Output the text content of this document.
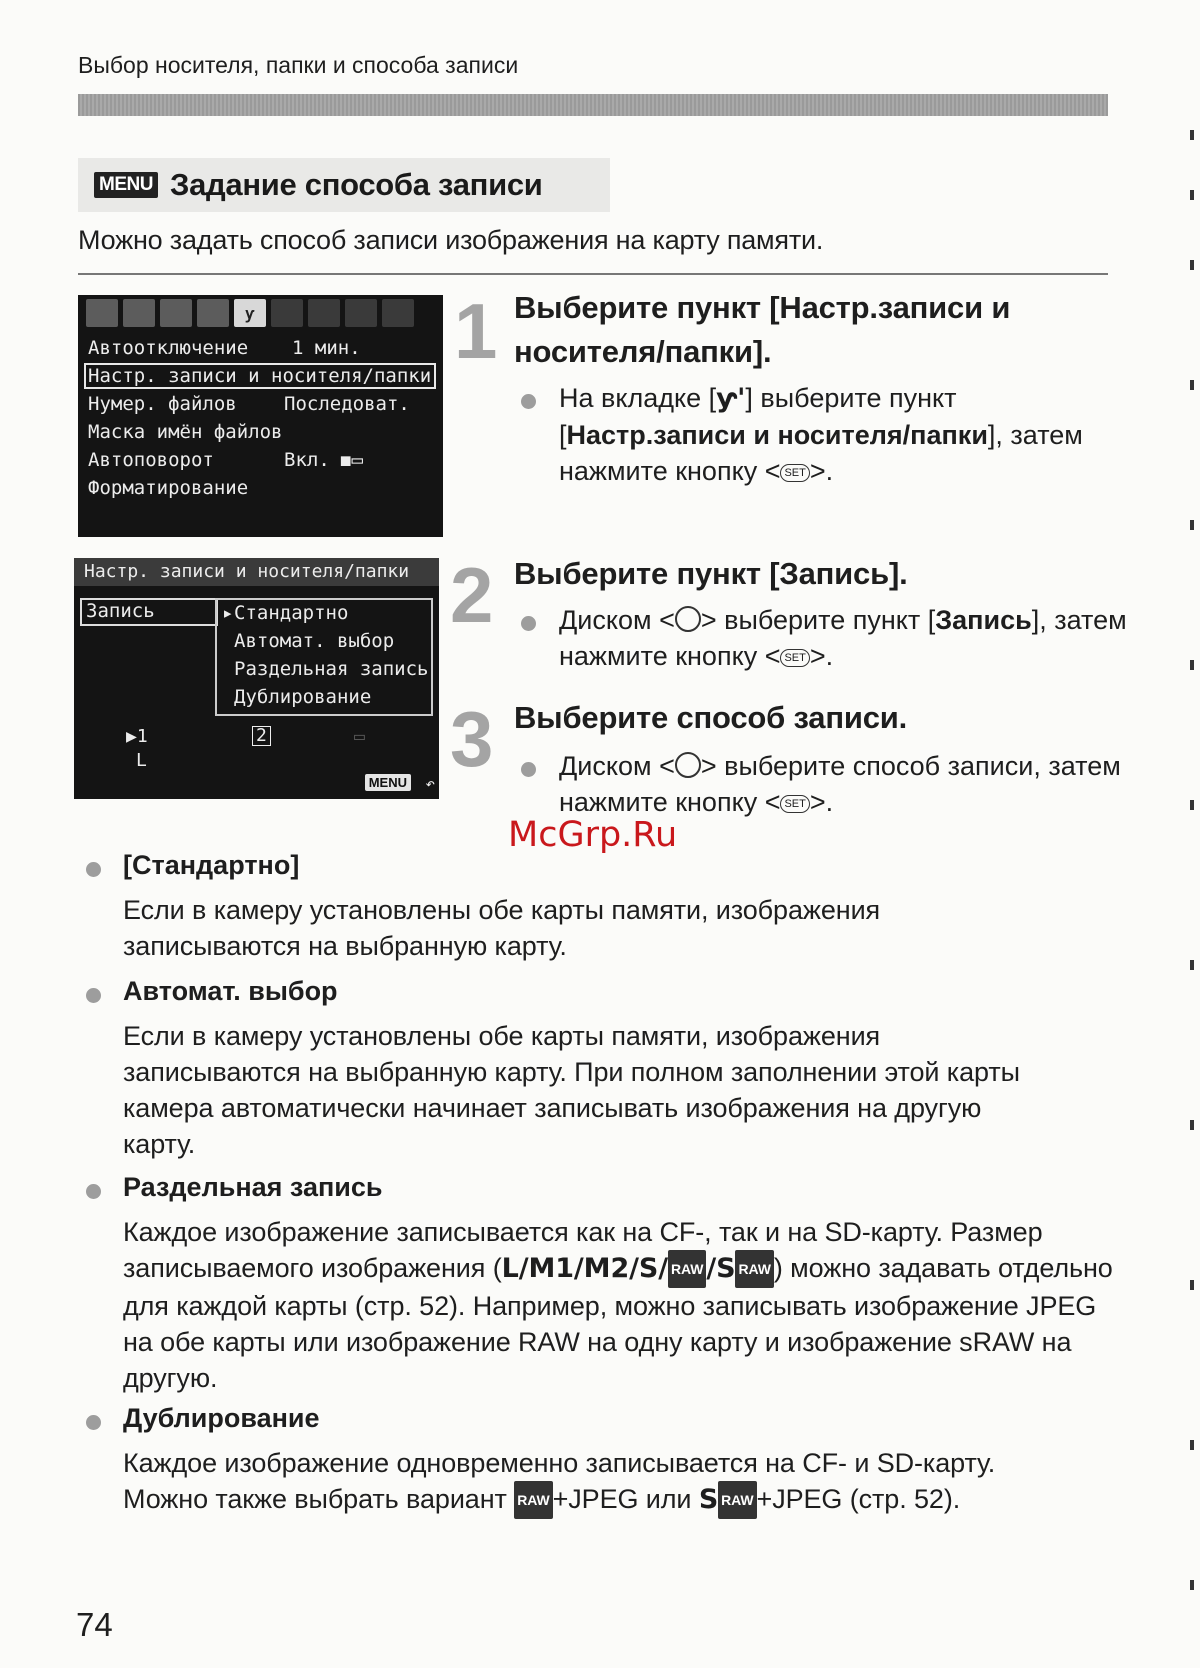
Выбор носителя, папки и способа записи
MENU Задание способа записи
Можно задать способ записи изображения на карту памяти.
ƴ
Автоотключение 1 мин.
Настр. записи и носителя/папки
Нумер. файлов Последоват.
Маска имён файлов
Автоповорот	Вкл. ◼▭
Форматирование
Настр. записи и носителя/папки
Запись	▸ Стандартно
Автомат. выбор
Раздельная запись
Дублирование
▶1
L
2	▭
MENU ↶
1 Выберите пункт [Настр.записи и носителя/папки].
На вкладке [ƴ'] выберите пункт [Настр.записи и носителя/папки], затем нажмите кнопку < SET >.
2 Выберите пункт [Запись].
Диском < > выберите пункт [Запись], затем нажмите кнопку < SET >.
3 Выберите способ записи.
Диском < > выберите способ записи, затем нажмите кнопку < SET >.
McGrp.Ru
[Стандартно]
Если в камеру установлены обе карты памяти, изображения записываются на выбранную карту.
Автомат. выбор
Если в камеру установлены обе карты памяти, изображения записываются на выбранную карту. При полном заполнении этой карты камера автоматически начинает записывать изображения на другую карту.
Раздельная запись
Каждое изображение записывается как на CF-, так и на SD-карту. Размер записываемого изображения (L/M1/M2/S/ RAW /S RAW ) можно задавать отдельно для каждой карты (стр. 52). Например, можно записывать изображение JPEG на обе карты или изображение RAW на одну карту и изображение sRAW на другую.
Дублирование
Каждое изображение одновременно записывается на CF- и SD-карту. Можно также выбрать вариант RAW +JPEG или S RAW +JPEG (стр. 52).
74
